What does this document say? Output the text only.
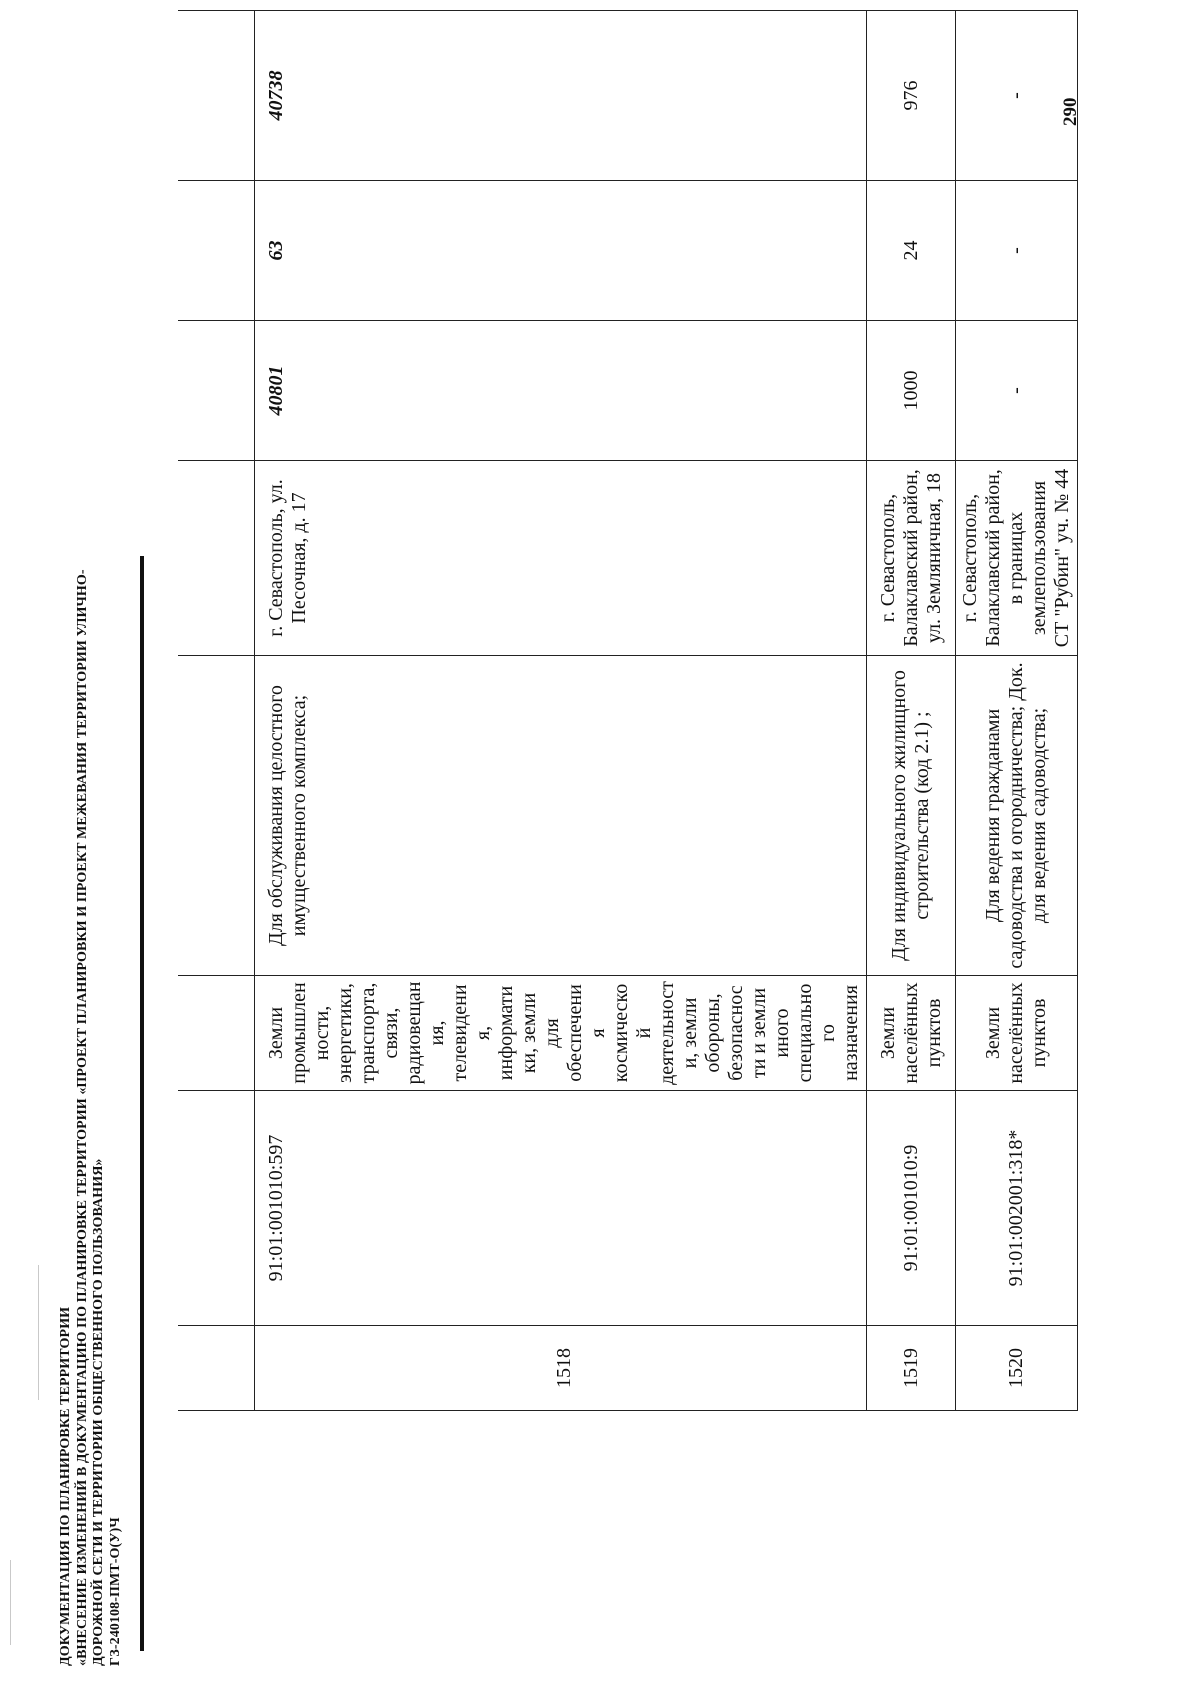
ДОКУМЕНТАЦИЯ ПО ПЛАНИРОВКЕ ТЕРРИТОРИИ «ВНЕСЕНИЕ ИЗМЕНЕНИЙ В ДОКУМЕНТАЦИЮ ПО ПЛАНИРОВКЕ ТЕРРИТОРИИ «ПРОЕКТ ПЛАНИРОВКИ И ПРОЕКТ МЕЖЕВАНИЯ ТЕРРИТОРИИ УЛИЧНО- ДОРОЖНОЙ СЕТИ И ТЕРРИТОРИИ ОБЩЕСТВЕННОГО ПОЛЬЗОВАНИЯ» ГЗ-240108-ПМТ-О(У)Ч
290

1518	91:01:001010:597	Земли промышлен ности, энергетики, транспорта, связи, радиовещан ия, телевидени я, информати ки, земли для обеспечени я космическо й деятельност и, земли обороны, безопаснос ти и земли иного специально го назначения	Для обслуживания целостного имущественного комплекса;	г. Севастополь, ул. Песочная, д. 17	40801	63	40738
1519	91:01:001010:9	Земли населённых пунктов	Для индивидуального жилищного строительства (код 2.1) ;	г. Севастополь, Балаклавский район, ул. Земляничная, 18	1000	24	976
1520	91:01:002001:318*	Земли населённых пунктов	Для ведения гражданами садоводства и огородничества; Док. для ведения садоводства;	г. Севастополь, Балаклавский район, в границах землепользования СТ "Рубин" уч. № 44	-	-	-
